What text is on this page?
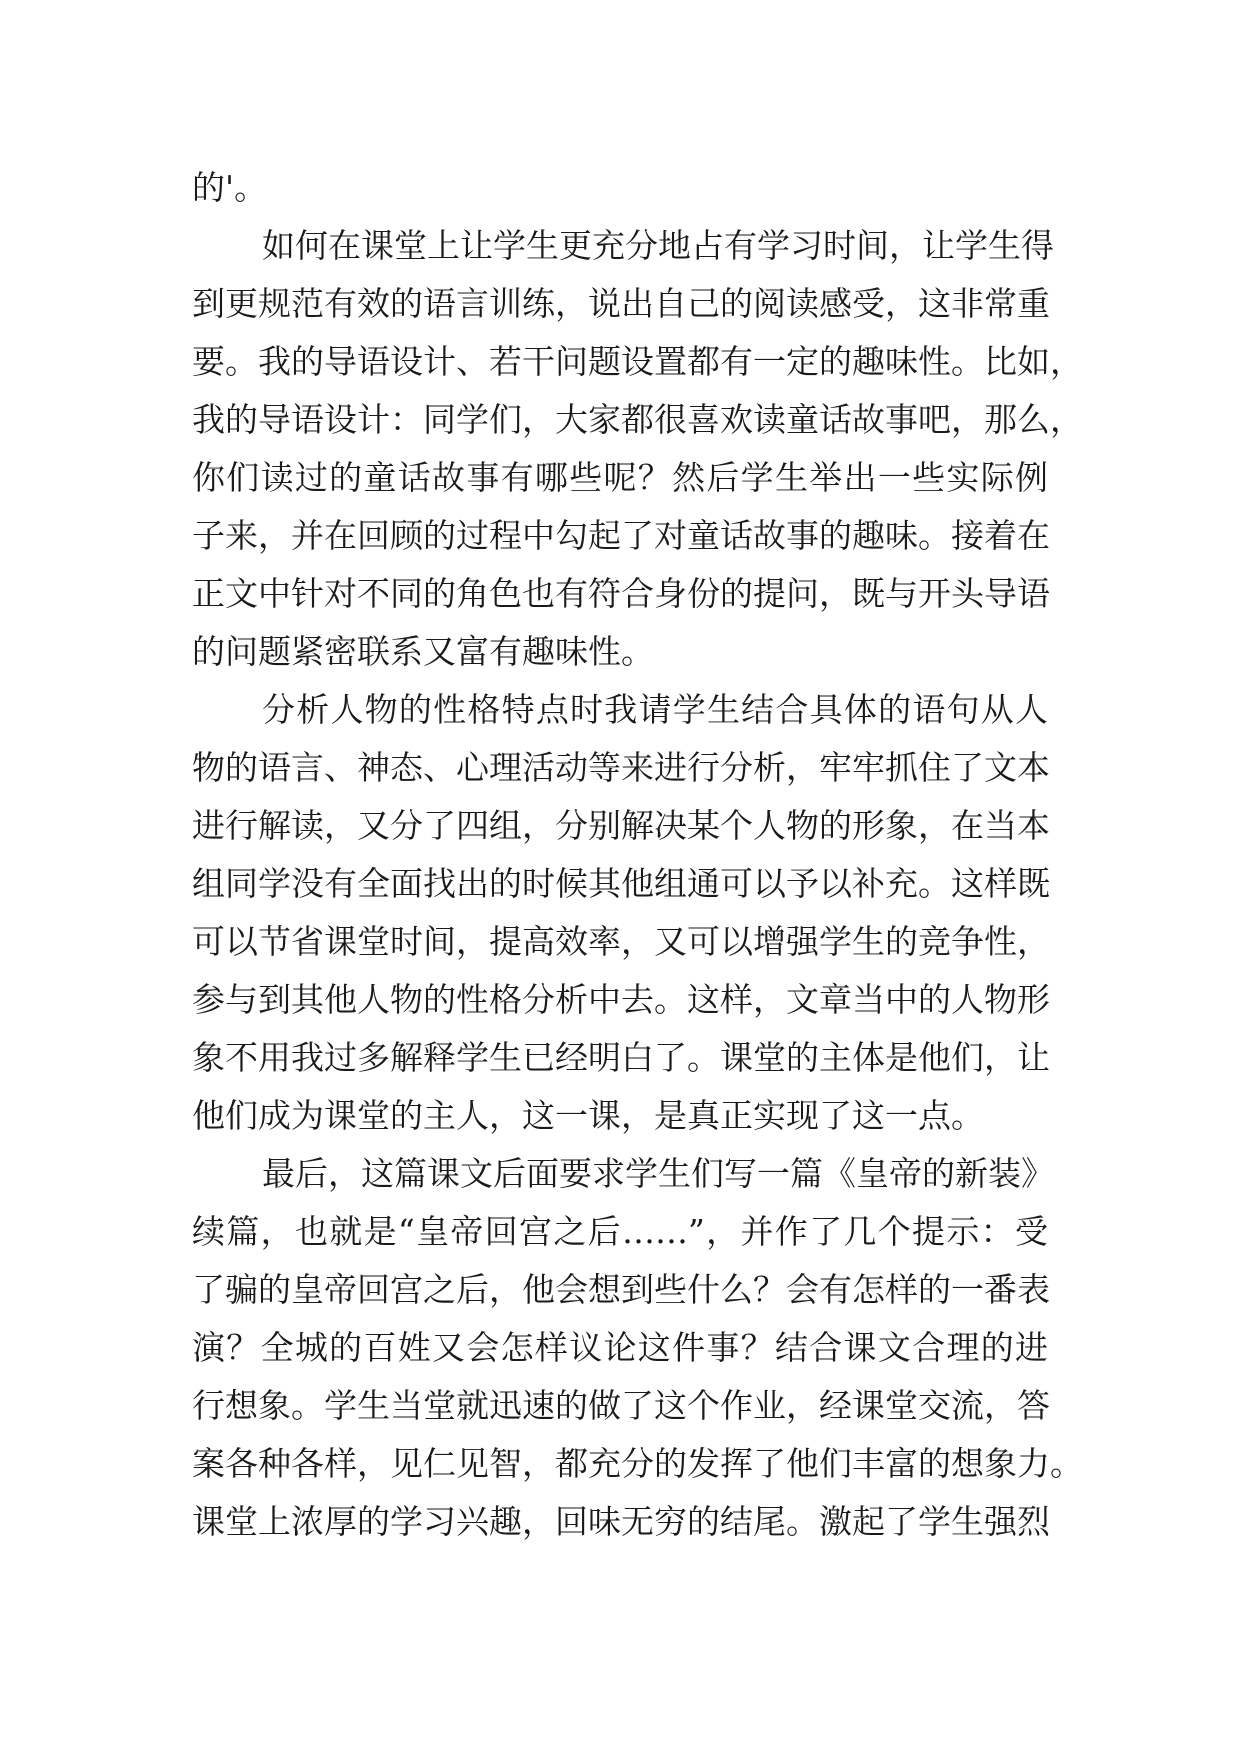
的'。

如何在课堂上让学生更充分地占有学习时间，让学生得

到更规范有效的语言训练，说出自己的阅读感受，这非常重

要。我的导语设计、若干问题设置都有一定的趣味性。比如，

我的导语设计：同学们，大家都很喜欢读童话故事吧，那么，

你们读过的童话故事有哪些呢？然后学生举出一些实际例

子来，并在回顾的过程中勾起了对童话故事的趣味。接着在

正文中针对不同的角色也有符合身份的提问，既与开头导语

的问题紧密联系又富有趣味性。

分析人物的性格特点时我请学生结合具体的语句从人

物的语言、神态、心理活动等来进行分析，牢牢抓住了文本

进行解读，又分了四组，分别解决某个人物的形象，在当本

组同学没有全面找出的时候其他组通可以予以补充。这样既

可以节省课堂时间，提高效率，又可以增强学生的竞争性，

参与到其他人物的性格分析中去。这样，文章当中的人物形

象不用我过多解释学生已经明白了。课堂的主体是他们，让

他们成为课堂的主人，这一课，是真正实现了这一点。

最后，这篇课文后面要求学生们写一篇《皇帝的新装》

续篇，也就是“皇帝回宫之后……”，并作了几个提示：受

了骗的皇帝回宫之后，他会想到些什么？会有怎样的一番表

演？全城的百姓又会怎样议论这件事？结合课文合理的进

行想象。学生当堂就迅速的做了这个作业，经课堂交流，答

案各种各样，见仁见智，都充分的发挥了他们丰富的想象力。

课堂上浓厚的学习兴趣，回味无穷的结尾。激起了学生强烈
